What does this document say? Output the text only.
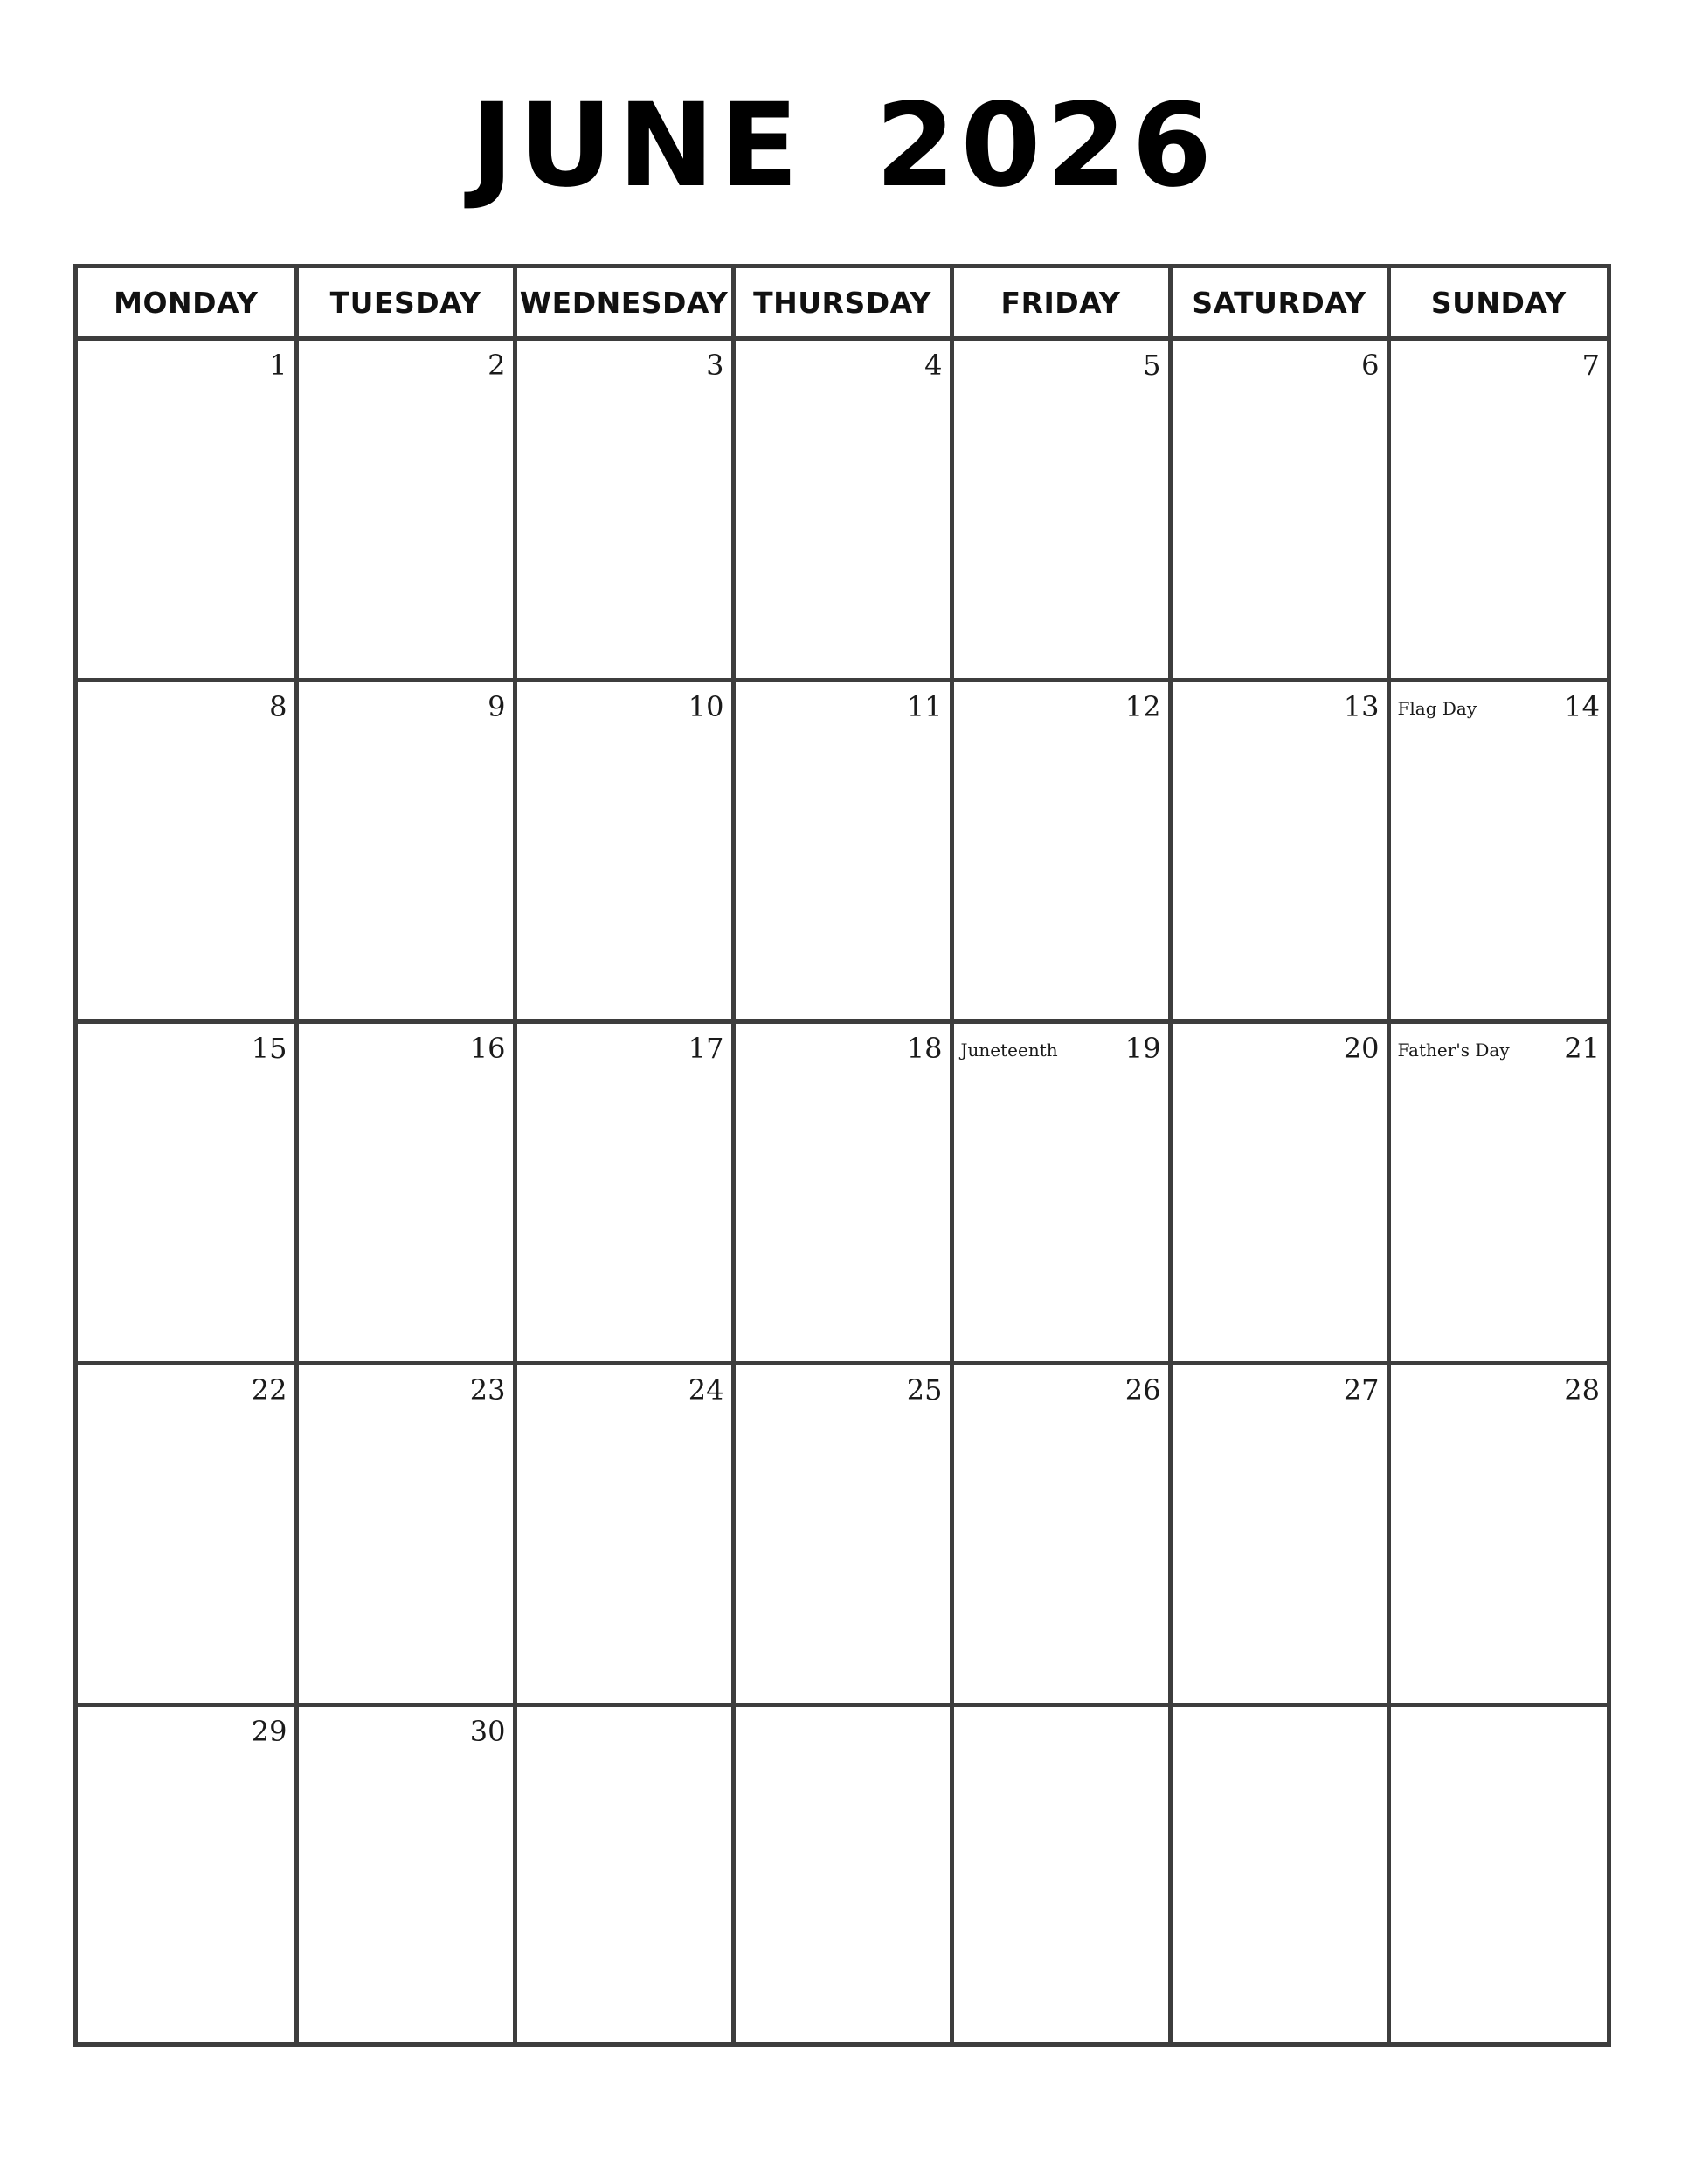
JUNE 2026
MONDAY	TUESDAY	WEDNESDAY	THURSDAY	FRIDAY	SATURDAY	SUNDAY

1	2	3	4	5	6	7

8	9	10	11	12	13	Flag Day 14

15	16	17	18	Juneteenth 19	20	Father's Day 21

22	23	24	25	26	27	28

29	30					
